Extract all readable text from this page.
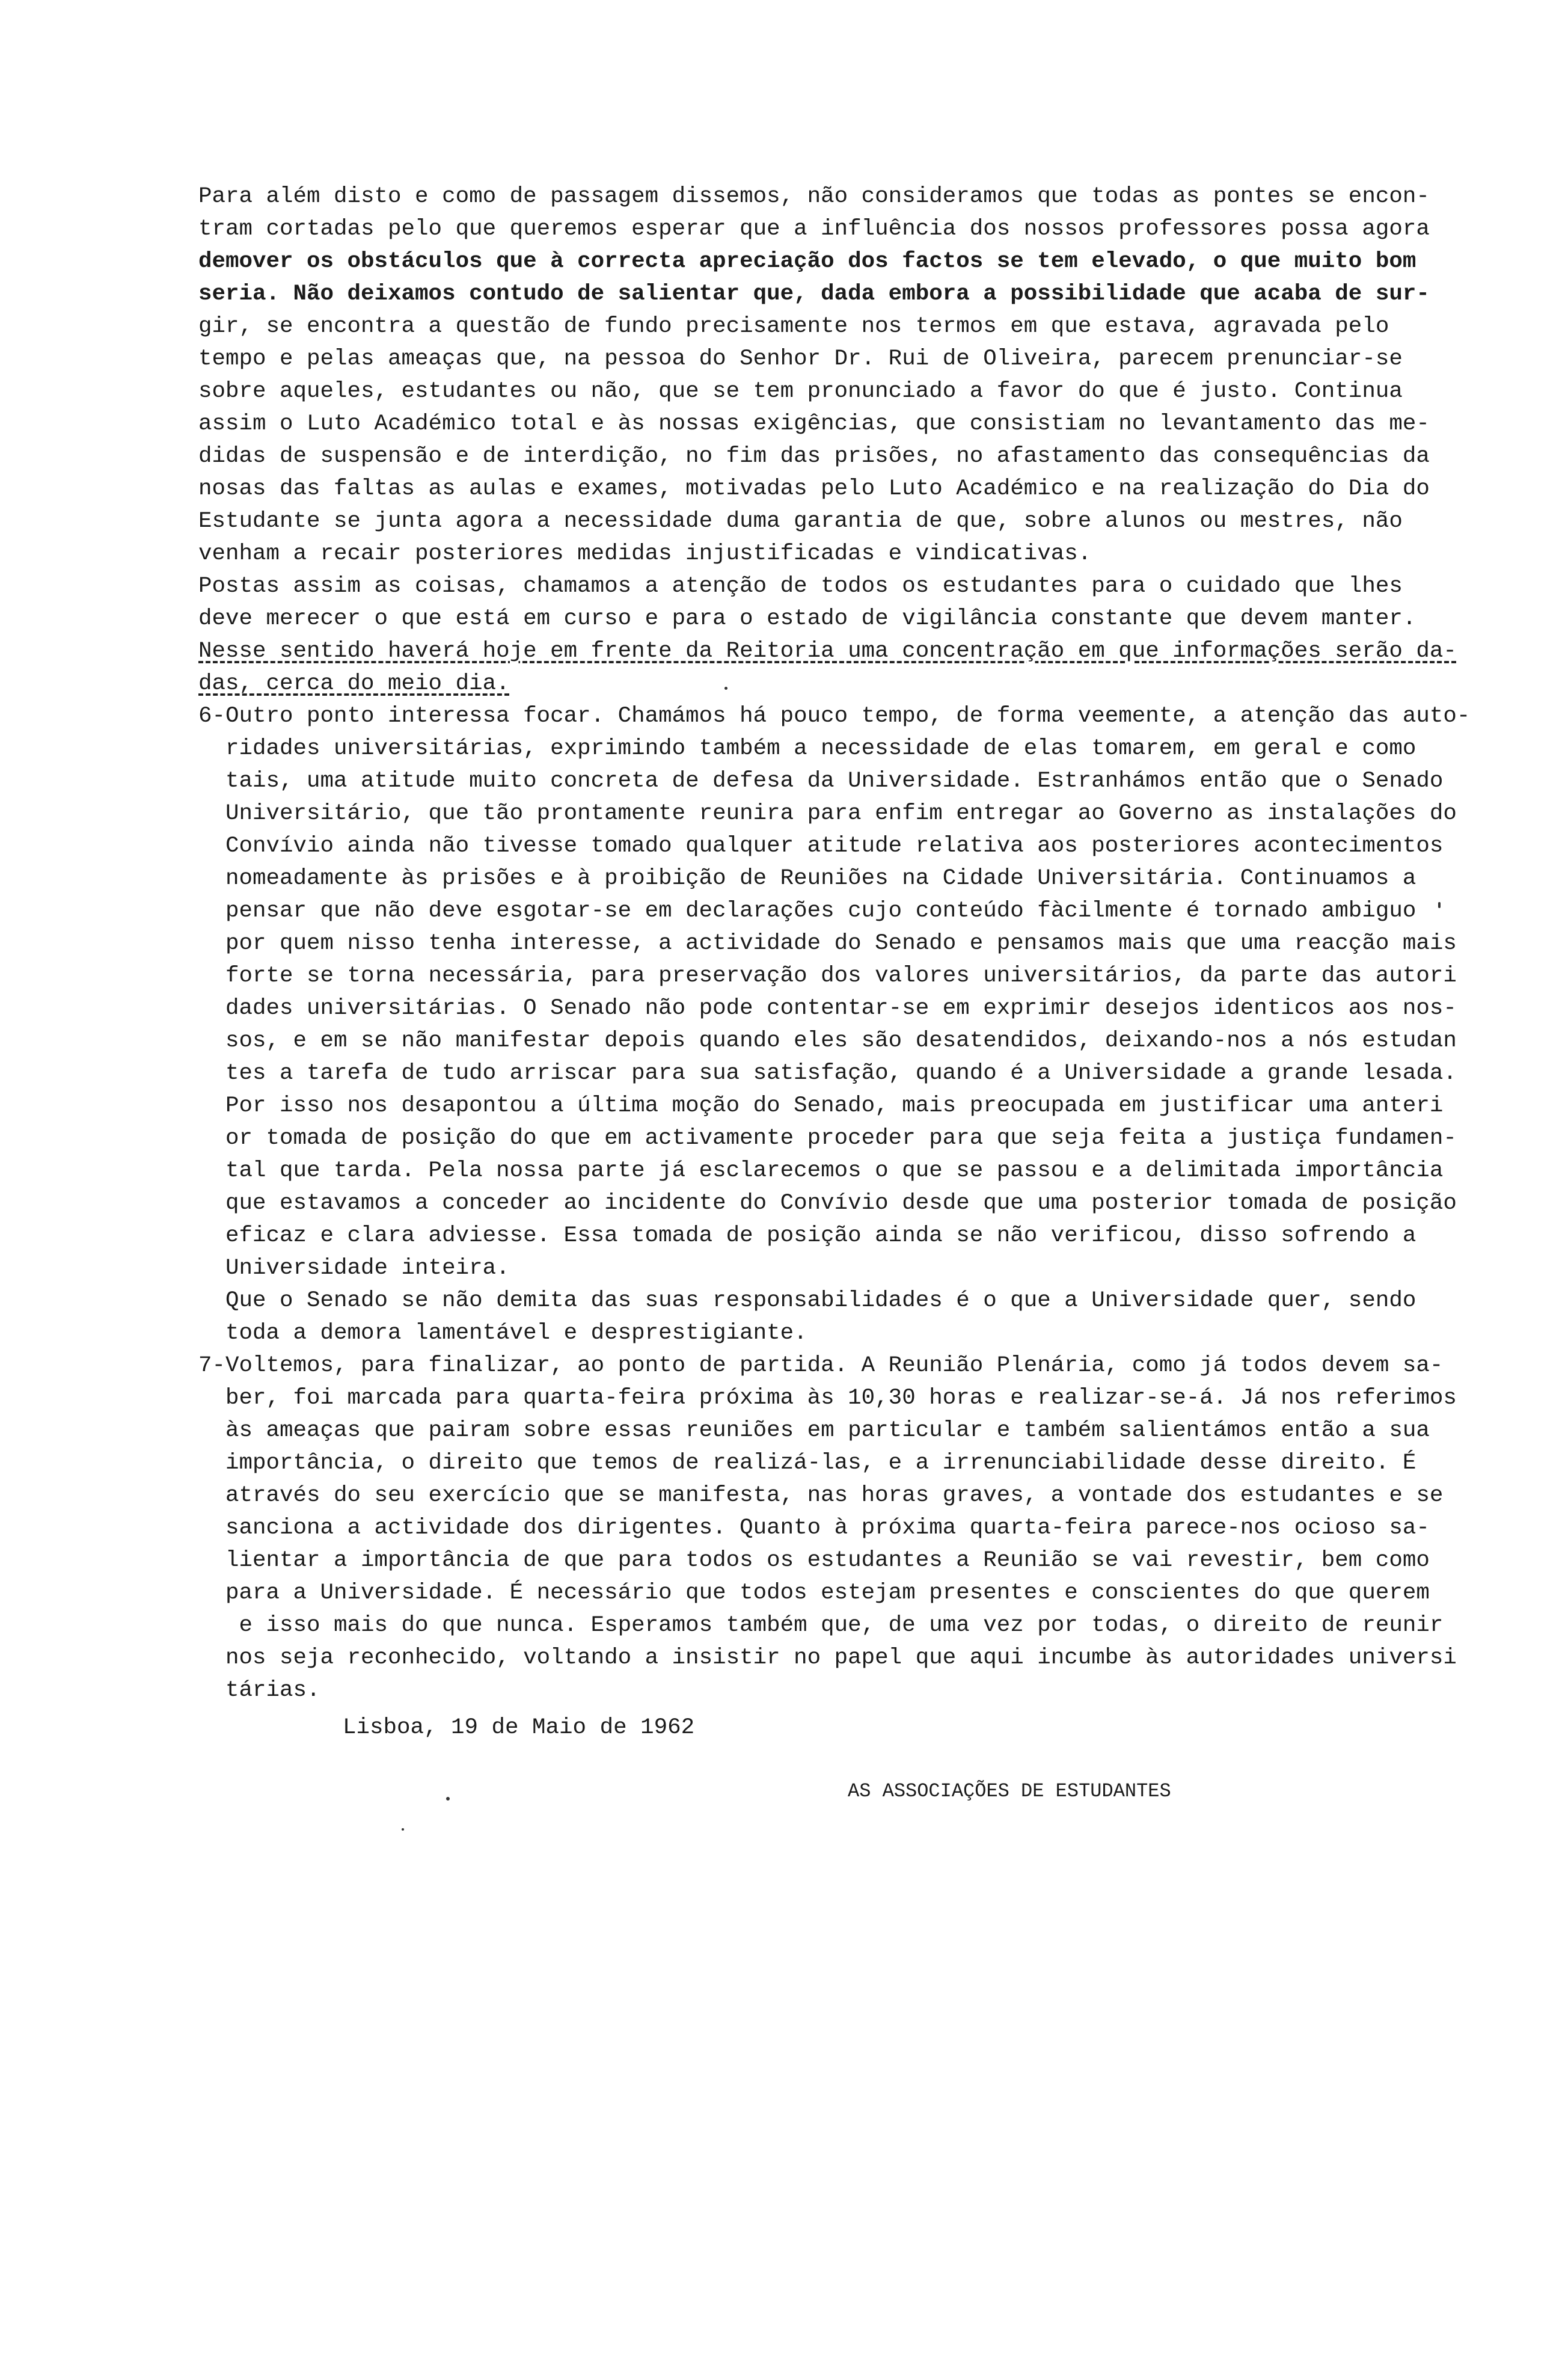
Para além disto e como de passagem dissemos, não consideramos que todas as pontes se encon-
tram cortadas pelo que queremos esperar que a influência dos nossos professores possa agora
demover os obstáculos que à correcta apreciação dos factos se tem elevado, o que muito bom
seria. Não deixamos contudo de salientar que, dada embora a possibilidade que acaba de sur-
gir, se encontra a questão de fundo precisamente nos termos em que estava, agravada pelo
tempo e pelas ameaças que, na pessoa do Senhor Dr. Rui de Oliveira, parecem prenunciar-se
sobre aqueles, estudantes ou não, que se tem pronunciado a favor do que é justo. Continua
assim o Luto Académico total e às nossas exigências, que consistiam no levantamento das me-
didas de suspensão e de interdição, no fim das prisões, no afastamento das consequências da
nosas das faltas as aulas e exames, motivadas pelo Luto Académico e na realização do Dia do
Estudante se junta agora a necessidade duma garantia de que, sobre alunos ou mestres, não
venham a recair posteriores medidas injustificadas e vindicativas.
Postas assim as coisas, chamamos a atenção de todos os estudantes para o cuidado que lhes
deve merecer o que está em curso e para o estado de vigilância constante que devem manter.
Nesse sentido haverá hoje em frente da Reitoria uma concentração em que informações serão da-
das, cerca do meio dia.
6-Outro ponto interessa focar. Chamámos há pouco tempo, de forma veemente, a atenção das auto-
ridades universitárias, exprimindo também a necessidade de elas tomarem, em geral e como
tais, uma atitude muito concreta de defesa da Universidade. Estranhámos então que o Senado
Universitário, que tão prontamente reunira para enfim entregar ao Governo as instalações do
Convívio ainda não tivesse tomado qualquer atitude relativa aos posteriores acontecimentos
nomeadamente às prisões e à proibição de Reuniões na Cidade Universitária. Continuamos a
pensar que não deve esgotar-se em declarações cujo conteúdo fàcilmente é tornado ambiguo
por quem nisso tenha interesse, a actividade do Senado e pensamos mais que uma reacção mais
forte se torna necessária, para preservação dos valores universitários, da parte das autori
dades universitárias. O Senado não pode contentar-se em exprimir desejos identicos aos nos-
sos, e em se não manifestar depois quando eles são desatendidos, deixando-nos a nós estudan
tes a tarefa de tudo arriscar para sua satisfação, quando é a Universidade a grande lesada.
Por isso nos desapontou a última moção do Senado, mais preocupada em justificar uma anteri
or tomada de posição do que em activamente proceder para que seja feita a justiça fundamen-
tal que tarda. Pela nossa parte já esclarecemos o que se passou e a delimitada importância
que estavamos a conceder ao incidente do Convívio desde que uma posterior tomada de posição
eficaz e clara adviesse. Essa tomada de posição ainda se não verificou, disso sofrendo a
Universidade inteira.
Que o Senado se não demita das suas responsabilidades é o que a Universidade quer, sendo
toda a demora lamentável e desprestigiante.
7-Voltemos, para finalizar, ao ponto de partida. A Reunião Plenária, como já todos devem sa-
ber, foi marcada para quarta-feira próxima às 10,30 horas e realizar-se-á. Já nos referimos
às ameaças que pairam sobre essas reuniões em particular e também salientámos então a sua
importância, o direito que temos de realizá-las, e a irrenunciabilidade desse direito. É
através do seu exercício que se manifesta, nas horas graves, a vontade dos estudantes e se
sanciona a actividade dos dirigentes. Quanto à próxima quarta-feira parece-nos ocioso sa-
lientar a importância de que para todos os estudantes a Reunião se vai revestir, bem como
para a Universidade. É necessário que todos estejam presentes e conscientes do que querem
e isso mais do que nunca. Esperamos também que, de uma vez por todas, o direito de reunir
nos seja reconhecido, voltando a insistir no papel que aqui incumbe às autoridades universi
tárias.
Lisboa, 19 de Maio de 1962
AS ASSOCIAÇÕES DE ESTUDANTES
